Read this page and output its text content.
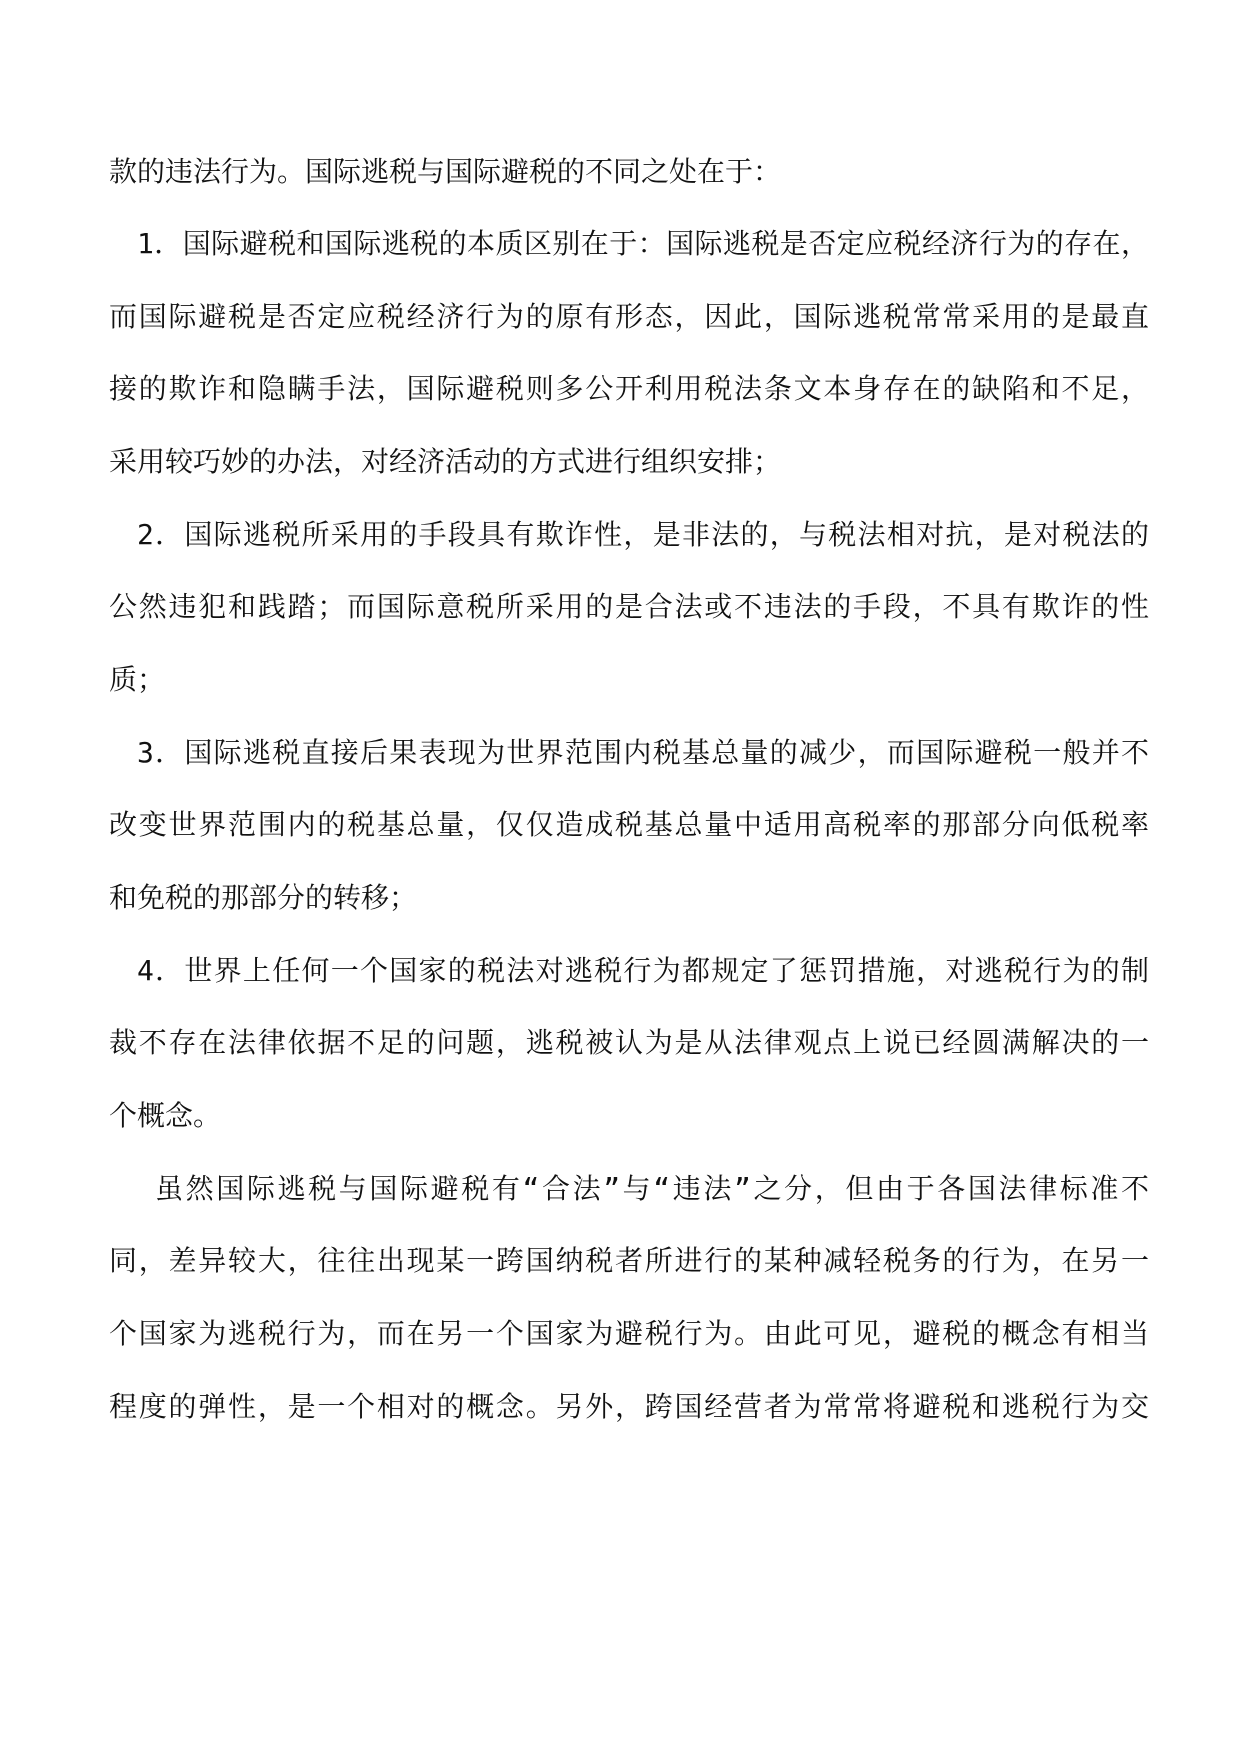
款的违法行为。国际逃税与国际避税的不同之处在于：
1．国际避税和国际逃税的本质区别在于：国际逃税是否定应税经济行为的存在，
而国际避税是否定应税经济行为的原有形态，因此，国际逃税常常采用的是最直
接的欺诈和隐瞒手法，国际避税则多公开利用税法条文本身存在的缺陷和不足，
采用较巧妙的办法，对经济活动的方式进行组织安排；
2．国际逃税所采用的手段具有欺诈性，是非法的，与税法相对抗，是对税法的
公然违犯和践踏；而国际意税所采用的是合法或不违法的手段，不具有欺诈的性
质；
3．国际逃税直接后果表现为世界范围内税基总量的减少，而国际避税一般并不
改变世界范围内的税基总量，仅仅造成税基总量中适用高税率的那部分向低税率
和免税的那部分的转移；
4．世界上任何一个国家的税法对逃税行为都规定了惩罚措施，对逃税行为的制
裁不存在法律依据不足的问题，逃税被认为是从法律观点上说已经圆满解决的一
个概念。
虽然国际逃税与国际避税有“合法”与“违法”之分，但由于各国法律标准不
同，差异较大，往往出现某一跨国纳税者所进行的某种减轻税务的行为，在另一
个国家为逃税行为，而在另一个国家为避税行为。由此可见，避税的概念有相当
程度的弹性，是一个相对的概念。另外，跨国经营者为常常将避税和逃税行为交
